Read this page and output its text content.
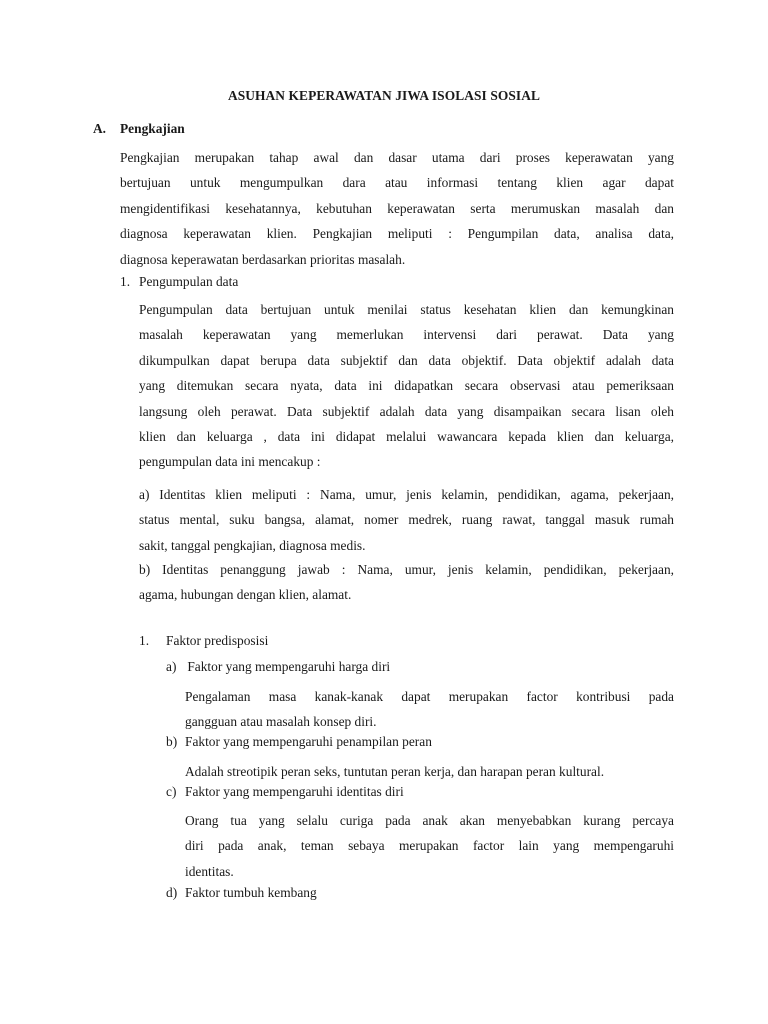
ASUHAN KEPERAWATAN JIWA ISOLASI SOSIAL
A. Pengkajian
Pengkajian merupakan tahap awal dan dasar utama dari proses keperawatan yang
bertujuan untuk mengumpulkan dara atau informasi tentang klien agar dapat
mengidentifikasi kesehatannya, kebutuhan keperawatan serta merumuskan masalah dan
diagnosa keperawatan klien. Pengkajian meliputi : Pengumpilan data, analisa data,
diagnosa keperawatan berdasarkan prioritas masalah.
1. Pengumpulan data
Pengumpulan data bertujuan untuk menilai status kesehatan klien dan kemungkinan
masalah keperawatan yang memerlukan intervensi dari perawat. Data yang
dikumpulkan dapat berupa data subjektif dan data objektif. Data objektif adalah data
yang ditemukan secara nyata, data ini didapatkan secara observasi atau pemeriksaan
langsung oleh perawat. Data subjektif adalah data yang disampaikan secara lisan oleh
klien dan keluarga , data ini didapat melalui wawancara kepada klien dan keluarga,
pengumpulan data ini mencakup :
a) Identitas klien meliputi : Nama, umur, jenis kelamin, pendidikan, agama, pekerjaan,
status mental, suku bangsa, alamat, nomer medrek, ruang rawat, tanggal masuk rumah
sakit, tanggal pengkajian, diagnosa medis.
b) Identitas penanggung jawab : Nama, umur, jenis kelamin, pendidikan, pekerjaan,
agama, hubungan dengan klien, alamat.
1. Faktor predisposisi
a) Faktor yang mempengaruhi harga diri
Pengalaman masa kanak-kanak dapat merupakan factor kontribusi pada
gangguan atau masalah konsep diri.
b) Faktor yang mempengaruhi penampilan peran
Adalah streotipik peran seks, tuntutan peran kerja, dan harapan peran kultural.
c) Faktor yang mempengaruhi identitas diri
Orang tua yang selalu curiga pada anak akan menyebabkan kurang percaya
diri pada anak, teman sebaya merupakan factor lain yang mempengaruhi
identitas.
d) Faktor tumbuh kembang
